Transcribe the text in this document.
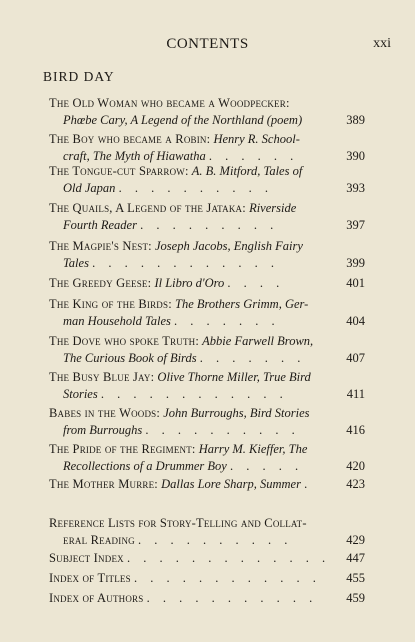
CONTENTS	xxi
BIRD DAY
The Old Woman who became a Woodpecker:
Phœbe Cary, A Legend of the Northland (poem)	389
The Boy who became a Robin: Henry R. School-
craft, The Myth of Hiawatha . . . . . .	390
The Tongue-cut Sparrow: A. B. Mitford, Tales of
Old Japan . . . . . . . . . .	393
The Quails, A Legend of the Jataka: Riverside
Fourth Reader . . . . . . . . .	397
The Magpie's Nest: Joseph Jacobs, English Fairy
Tales . . . . . . . . . . . .	399
The Greedy Geese: Il Libro d'Oro . . . .	401
The King of the Birds: The Brothers Grimm, Ger-
man Household Tales . . . . . . .	404
The Dove who spoke Truth: Abbie Farwell Brown,
The Curious Book of Birds . . . . . . .	407
The Busy Blue Jay: Olive Thorne Miller, True Bird
Stories . . . . . . . . . . . .	411
Babes in the Woods: John Burroughs, Bird Stories
from Burroughs . . . . . . . . . .	416
The Pride of the Regiment: Harry M. Kieffer, The
Recollections of a Drummer Boy . . . . .	420
The Mother Murre: Dallas Lore Sharp, Summer .	423
Reference Lists for Story-Telling and Collat-
eral Reading . . . . . . . . . .	429
Subject Index . . . . . . . . . . . . . 447
Index of Titles . . . . . . . . . . . . 455
Index of Authors . . . . . . . . . . . 459
